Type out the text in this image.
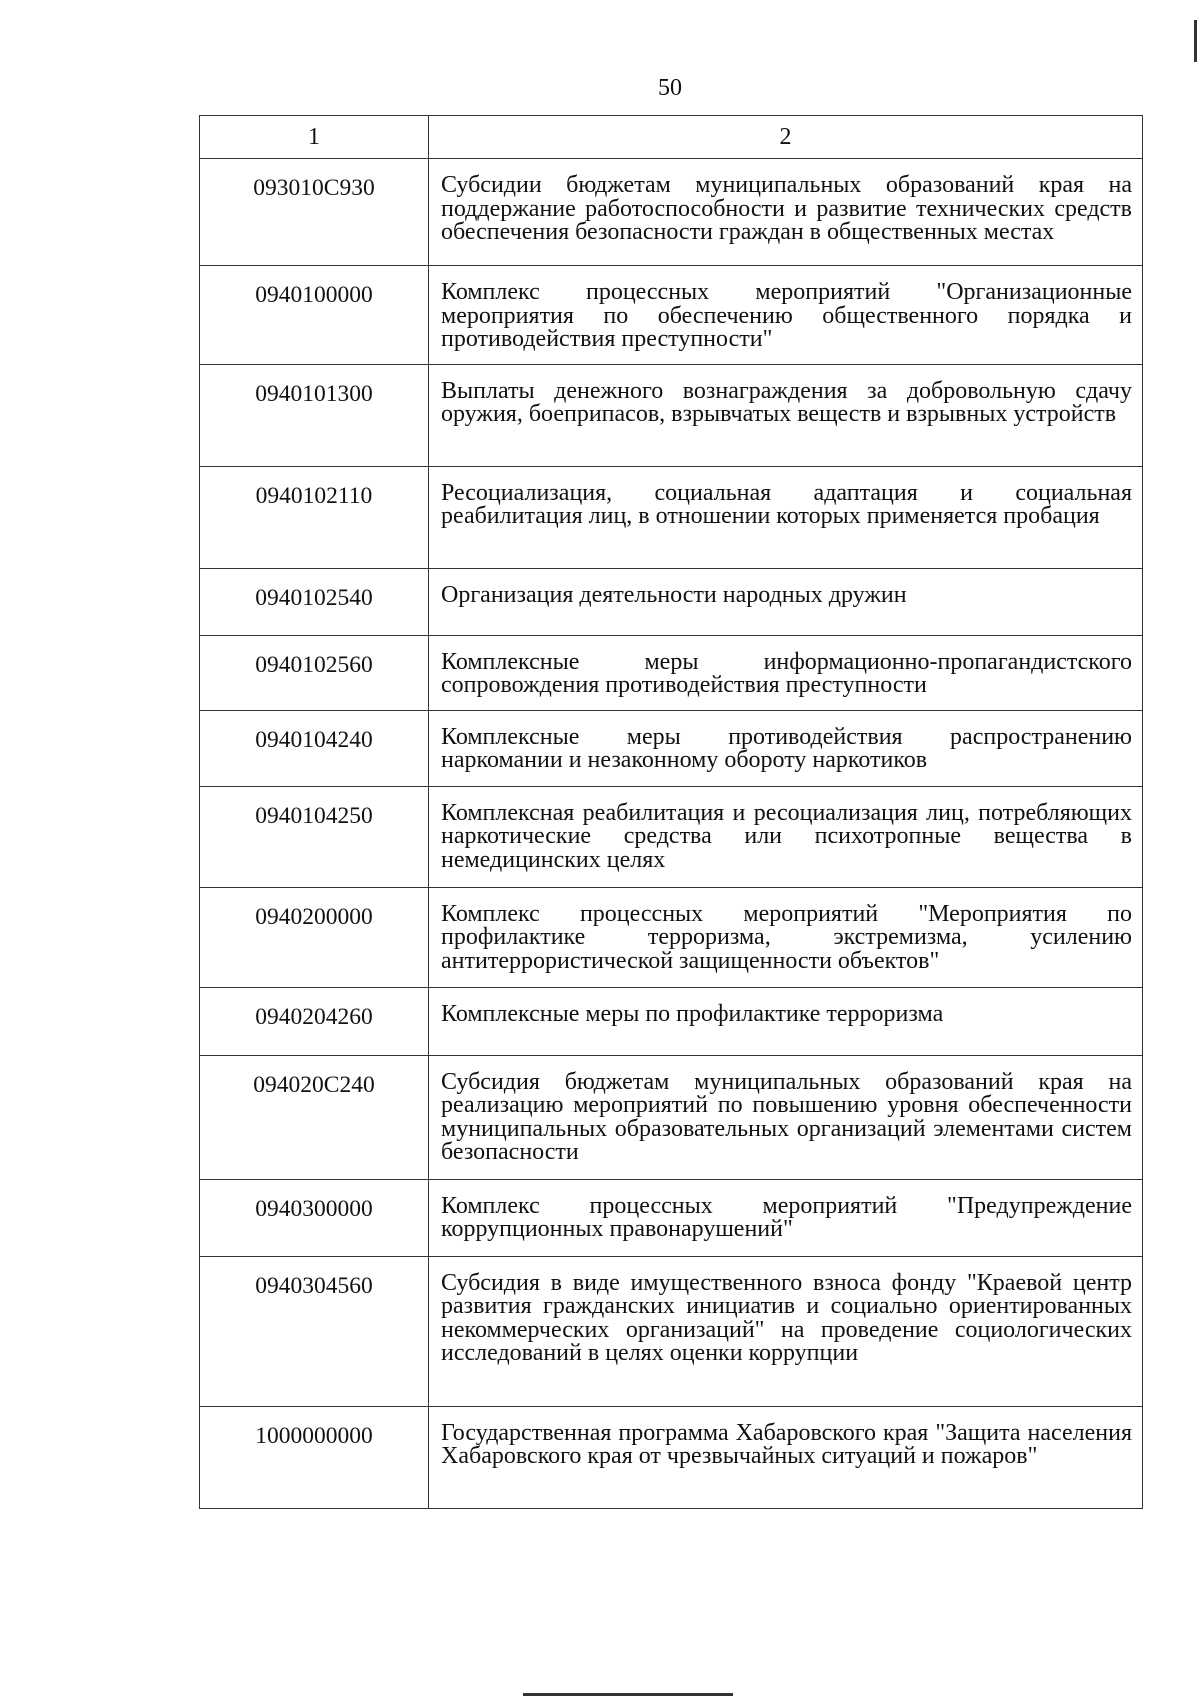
50
1	2
093010С930	Субсидии бюджетам муниципальных образований края на поддержание работоспособности и развитие технических средств обеспечения безопасности граждан в общественных местах
0940100000	Комплекс процессных мероприятий "Организационные мероприятия по обеспечению общественного порядка и противодействия преступности"
0940101300	Выплаты денежного вознаграждения за добровольную сдачу оружия, боеприпасов, взрывчатых веществ и взрывных устройств
0940102110	Ресоциализация, социальная адаптация и социальная реабилитация лиц, в отношении которых применяется пробация
0940102540	Организация деятельности народных дружин
0940102560	Комплексные меры информационно-пропагандистского сопровождения противодействия преступности
0940104240	Комплексные меры противодействия распространению наркомании и незаконному обороту наркотиков
0940104250	Комплексная реабилитация и ресоциализация лиц, потребляющих наркотические средства или психотропные вещества в немедицинских целях
0940200000	Комплекс процессных мероприятий "Мероприятия по профилактике терроризма, экстремизма, усилению антитеррористической защищенности объектов"
0940204260	Комплексные меры по профилактике терроризма
094020С240	Субсидия бюджетам муниципальных образований края на реализацию мероприятий по повышению уровня обеспеченности муниципальных образовательных организаций элементами систем безопасности
0940300000	Комплекс процессных мероприятий "Предупреждение коррупционных правонарушений"
0940304560	Субсидия в виде имущественного взноса фонду "Краевой центр развития гражданских инициатив и социально ориентированных некоммерческих организаций" на проведение социологических исследований в целях оценки коррупции
1000000000	Государственная программа Хабаровского края "Защита населения Хабаровского края от чрезвычайных ситуаций и пожаров"
